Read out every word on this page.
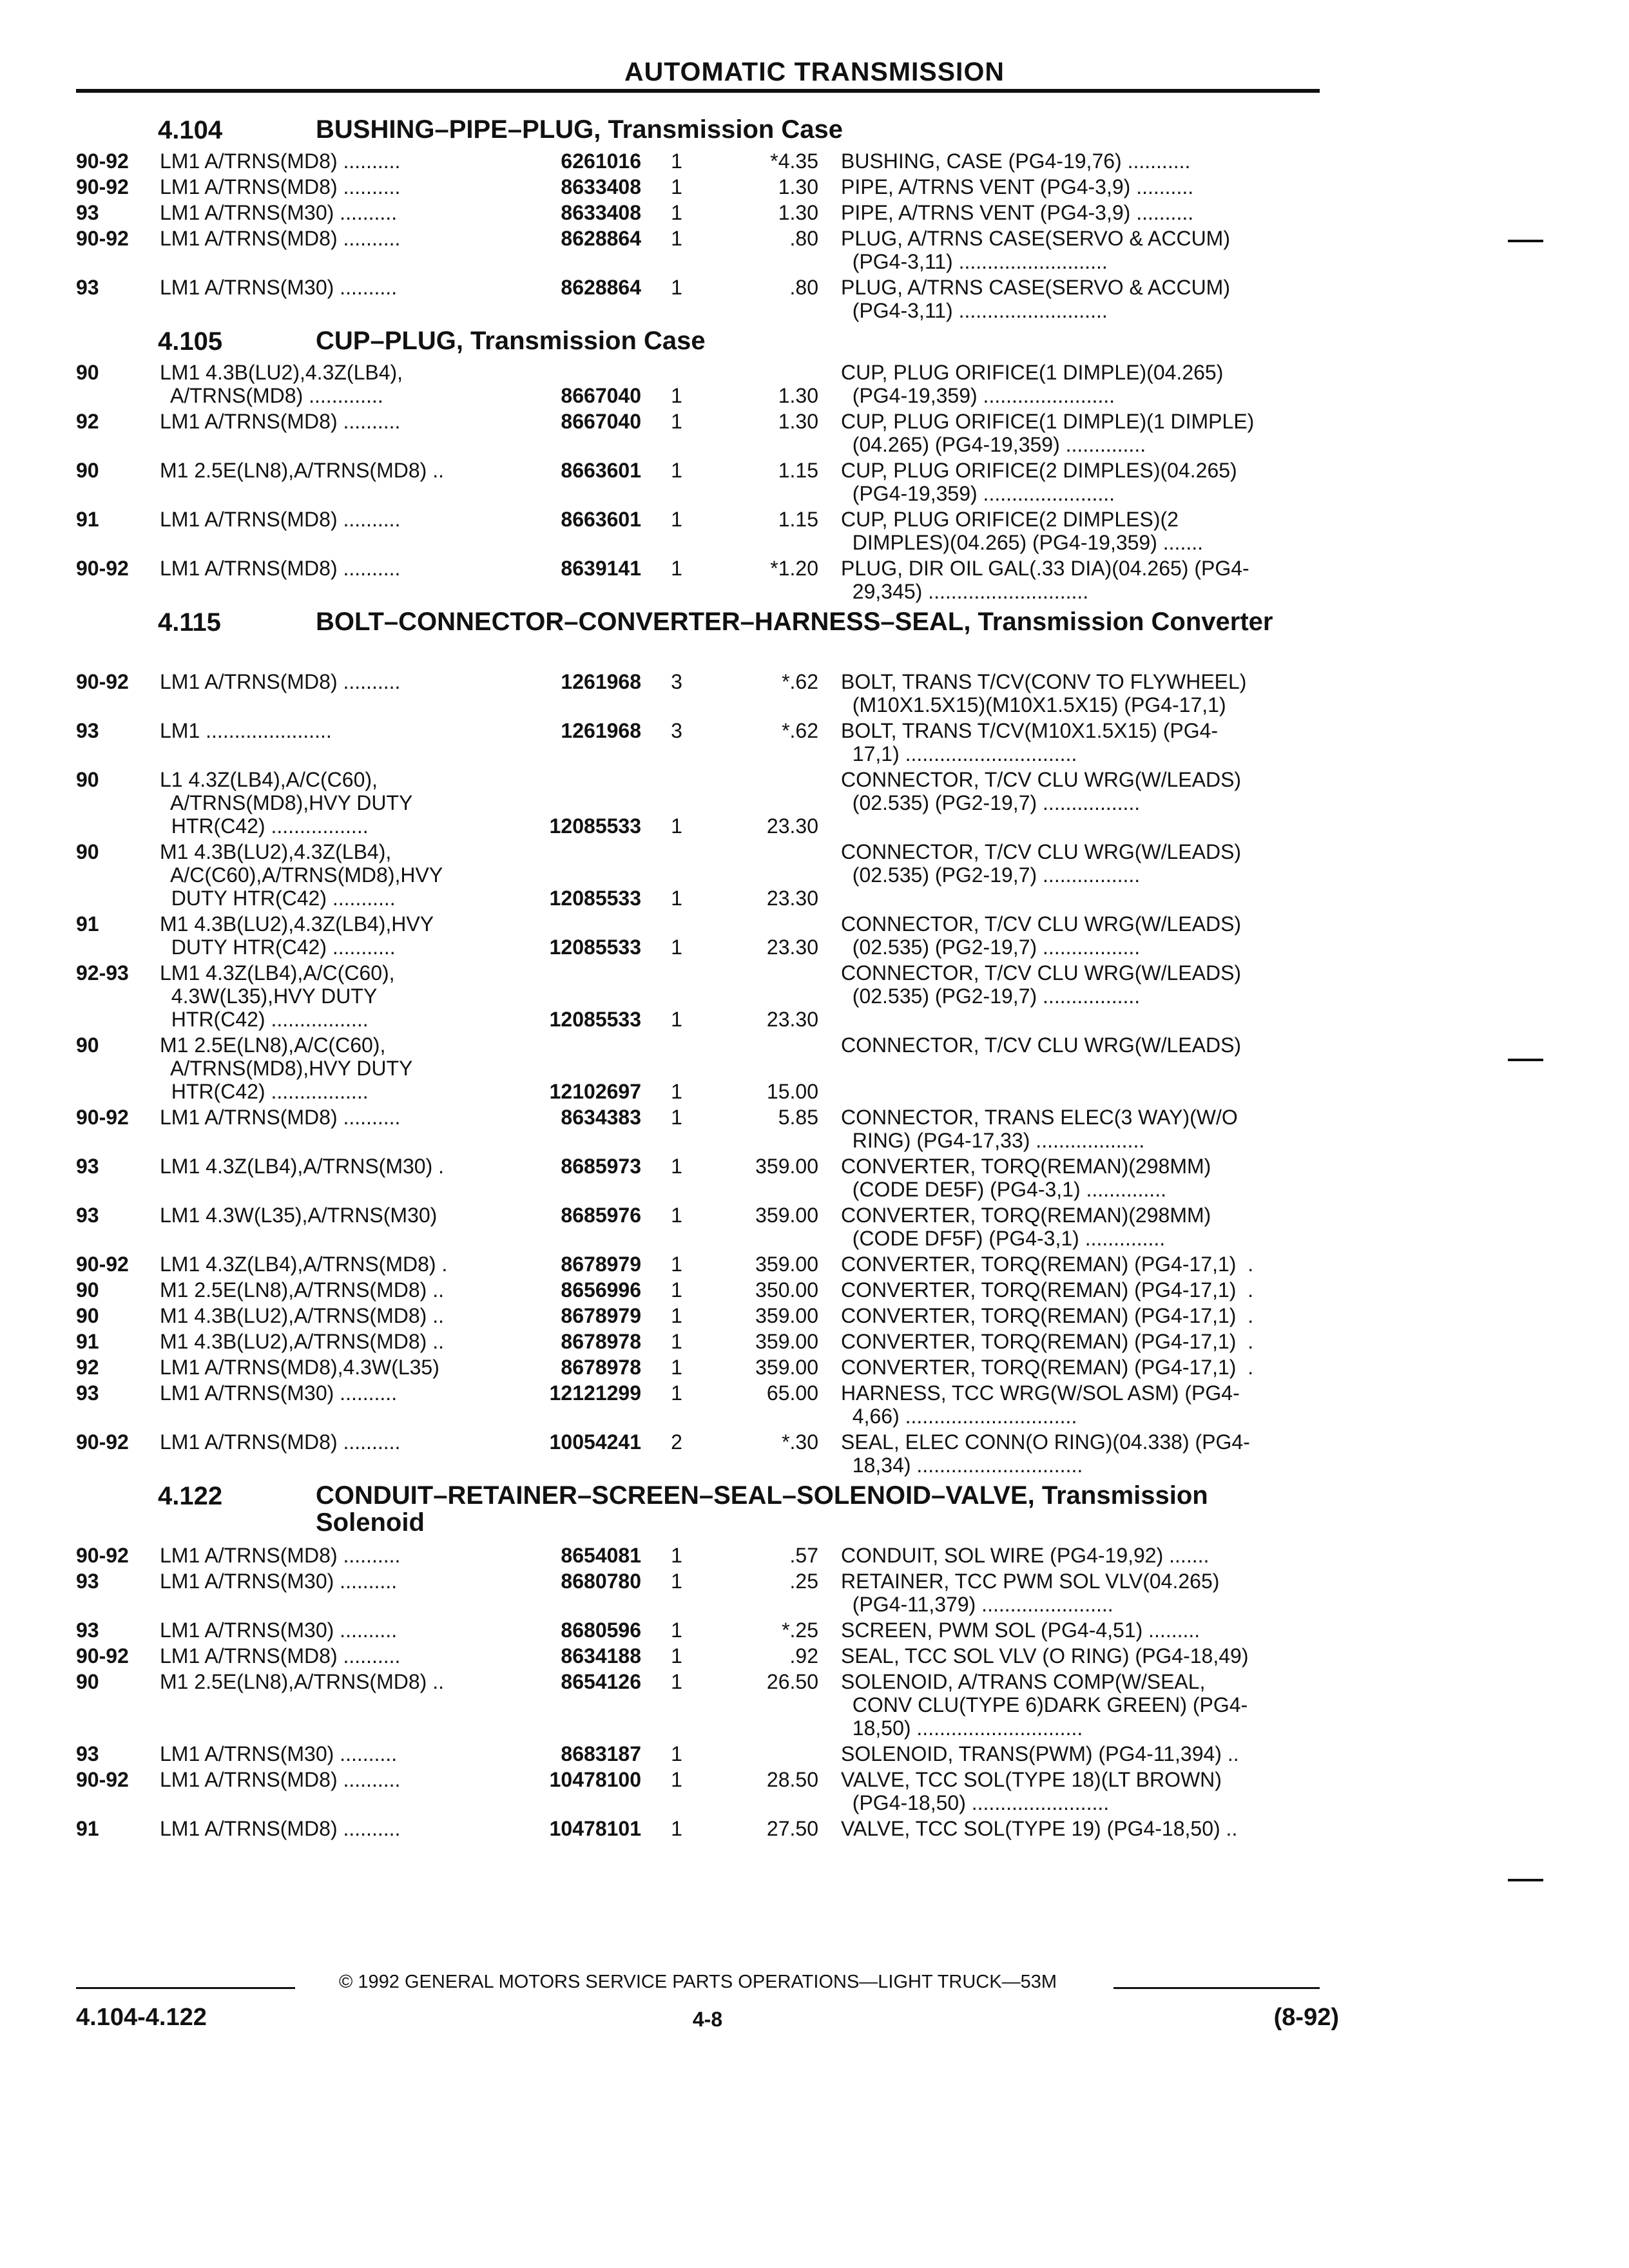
AUTOMATIC TRANSMISSION
4.104	BUSHING–PIPE–PLUG, Transmission Case
90-92 LM1 A/TRNS(MD8) ..........	6261016	1	*4.35 BUSHING, CASE (PG4-19,76) ...........
90-92 LM1 A/TRNS(MD8) ..........	8633408	1	1.30 PIPE, A/TRNS VENT (PG4-3,9) ..........
93	LM1 A/TRNS(M30) ..........	8633408	1	1.30 PIPE, A/TRNS VENT (PG4-3,9) ..........
90-92 LM1 A/TRNS(MD8) ..........	8628864	1	.80 PLUG, A/TRNS CASE(SERVO & ACCUM)
(PG4-3,11) ..........................
93	LM1 A/TRNS(M30) ..........	8628864	1	.80 PLUG, A/TRNS CASE(SERVO & ACCUM)
(PG4-3,11) ..........................
4.105	CUP–PLUG, Transmission Case
90	LM1 4.3B(LU2),4.3Z(LB4),
A/TRNS(MD8) .............	8667040	1	1.30
CUP, PLUG ORIFICE(1 DIMPLE)(04.265)
(PG4-19,359) .......................
92	LM1 A/TRNS(MD8) ..........	8667040	1	1.30 CUP, PLUG ORIFICE(1 DIMPLE)(1 DIMPLE)
(04.265) (PG4-19,359) ..............
90	M1 2.5E(LN8),A/TRNS(MD8) ..	8663601	1	1.15 CUP, PLUG ORIFICE(2 DIMPLES)(04.265)
(PG4-19,359) .......................
91	LM1 A/TRNS(MD8) ..........	8663601	1	1.15 CUP, PLUG ORIFICE(2 DIMPLES)(2
DIMPLES)(04.265) (PG4-19,359) .......
90-92 LM1 A/TRNS(MD8) ..........	8639141	1	*1.20 PLUG, DIR OIL GAL(.33 DIA)(04.265) (PG4-
29,345) ............................
4.115	BOLT–CONNECTOR–CONVERTER–HARNESS–SEAL, Transmission Converter
90-92 LM1 A/TRNS(MD8) ..........	1261968	3	*.62 BOLT, TRANS T/CV(CONV TO FLYWHEEL)
(M10X1.5X15)(M10X1.5X15) (PG4-17,1)
93	LM1 ......................	1261968	3	*.62 BOLT, TRANS T/CV(M10X1.5X15) (PG4-
17,1) ..............................
90	L1 4.3Z(LB4),A/C(C60),
A/TRNS(MD8),HVY DUTY
HTR(C42) .................	12085533	1	23.30
CONNECTOR, T/CV CLU WRG(W/LEADS)
(02.535) (PG2-19,7) .................
90	M1 4.3B(LU2),4.3Z(LB4),
A/C(C60),A/TRNS(MD8),HVY
DUTY HTR(C42) ...........	12085533	1	23.30
CONNECTOR, T/CV CLU WRG(W/LEADS)
(02.535) (PG2-19,7) .................
91	M1 4.3B(LU2),4.3Z(LB4),HVY
DUTY HTR(C42) ...........	12085533	1	23.30
CONNECTOR, T/CV CLU WRG(W/LEADS)
(02.535) (PG2-19,7) .................
92-93 LM1 4.3Z(LB4),A/C(C60),
4.3W(L35),HVY DUTY
HTR(C42) .................	12085533	1	23.30
CONNECTOR, T/CV CLU WRG(W/LEADS)
(02.535) (PG2-19,7) .................
90	M1 2.5E(LN8),A/C(C60),
A/TRNS(MD8),HVY DUTY
HTR(C42) .................	12102697	1	15.00
CONNECTOR, T/CV CLU WRG(W/LEADS)
90-92 LM1 A/TRNS(MD8) ..........	8634383	1	5.85 CONNECTOR, TRANS ELEC(3 WAY)(W/O
RING) (PG4-17,33) ...................
93	LM1 4.3Z(LB4),A/TRNS(M30) .	8685973	1	359.00 CONVERTER, TORQ(REMAN)(298MM)
(CODE DE5F) (PG4-3,1) ..............
93	LM1 4.3W(L35),A/TRNS(M30)	8685976	1	359.00 CONVERTER, TORQ(REMAN)(298MM)
(CODE DF5F) (PG4-3,1) ..............
90-92 LM1 4.3Z(LB4),A/TRNS(MD8) .	8678979	1	359.00 CONVERTER, TORQ(REMAN) (PG4-17,1)  .
90	M1 2.5E(LN8),A/TRNS(MD8) ..	8656996	1	350.00 CONVERTER, TORQ(REMAN) (PG4-17,1)  .
90	M1 4.3B(LU2),A/TRNS(MD8) ..	8678979	1	359.00 CONVERTER, TORQ(REMAN) (PG4-17,1)  .
91	M1 4.3B(LU2),A/TRNS(MD8) ..	8678978	1	359.00 CONVERTER, TORQ(REMAN) (PG4-17,1)  .
92	LM1 A/TRNS(MD8),4.3W(L35)	8678978	1	359.00 CONVERTER, TORQ(REMAN) (PG4-17,1)  .
93	LM1 A/TRNS(M30) ..........	12121299	1	65.00 HARNESS, TCC WRG(W/SOL ASM) (PG4-
4,66) ..............................
90-92 LM1 A/TRNS(MD8) ..........	10054241	2	*.30 SEAL, ELEC CONN(O RING)(04.338) (PG4-
18,34) .............................
4.122	CONDUIT–RETAINER–SCREEN–SEAL–SOLENOID–VALVE, Transmission Solenoid
90-92 LM1 A/TRNS(MD8) ..........	8654081	1	.57 CONDUIT, SOL WIRE (PG4-19,92) .......
93	LM1 A/TRNS(M30) ..........	8680780	1	.25 RETAINER, TCC PWM SOL VLV(04.265)
(PG4-11,379) .......................
93	LM1 A/TRNS(M30) ..........	8680596	1	*.25 SCREEN, PWM SOL (PG4-4,51) .........
90-92 LM1 A/TRNS(MD8) ..........	8634188	1	.92 SEAL, TCC SOL VLV (O RING) (PG4-18,49)
90	M1 2.5E(LN8),A/TRNS(MD8) ..	8654126	1	26.50 SOLENOID, A/TRANS COMP(W/SEAL,
CONV CLU(TYPE 6)DARK GREEN) (PG4-
18,50) .............................
93	LM1 A/TRNS(M30) ..........	8683187	1	SOLENOID, TRANS(PWM) (PG4-11,394) ..
90-92 LM1 A/TRNS(MD8) ..........	10478100	1	28.50 VALVE, TCC SOL(TYPE 18)(LT BROWN)
(PG4-18,50) ........................
91	LM1 A/TRNS(MD8) ..........	10478101	1	27.50 VALVE, TCC SOL(TYPE 19) (PG4-18,50) ..
© 1992 GENERAL MOTORS SERVICE PARTS OPERATIONS—LIGHT TRUCK—53M
4.104-4.122	4-8	(8-92)
